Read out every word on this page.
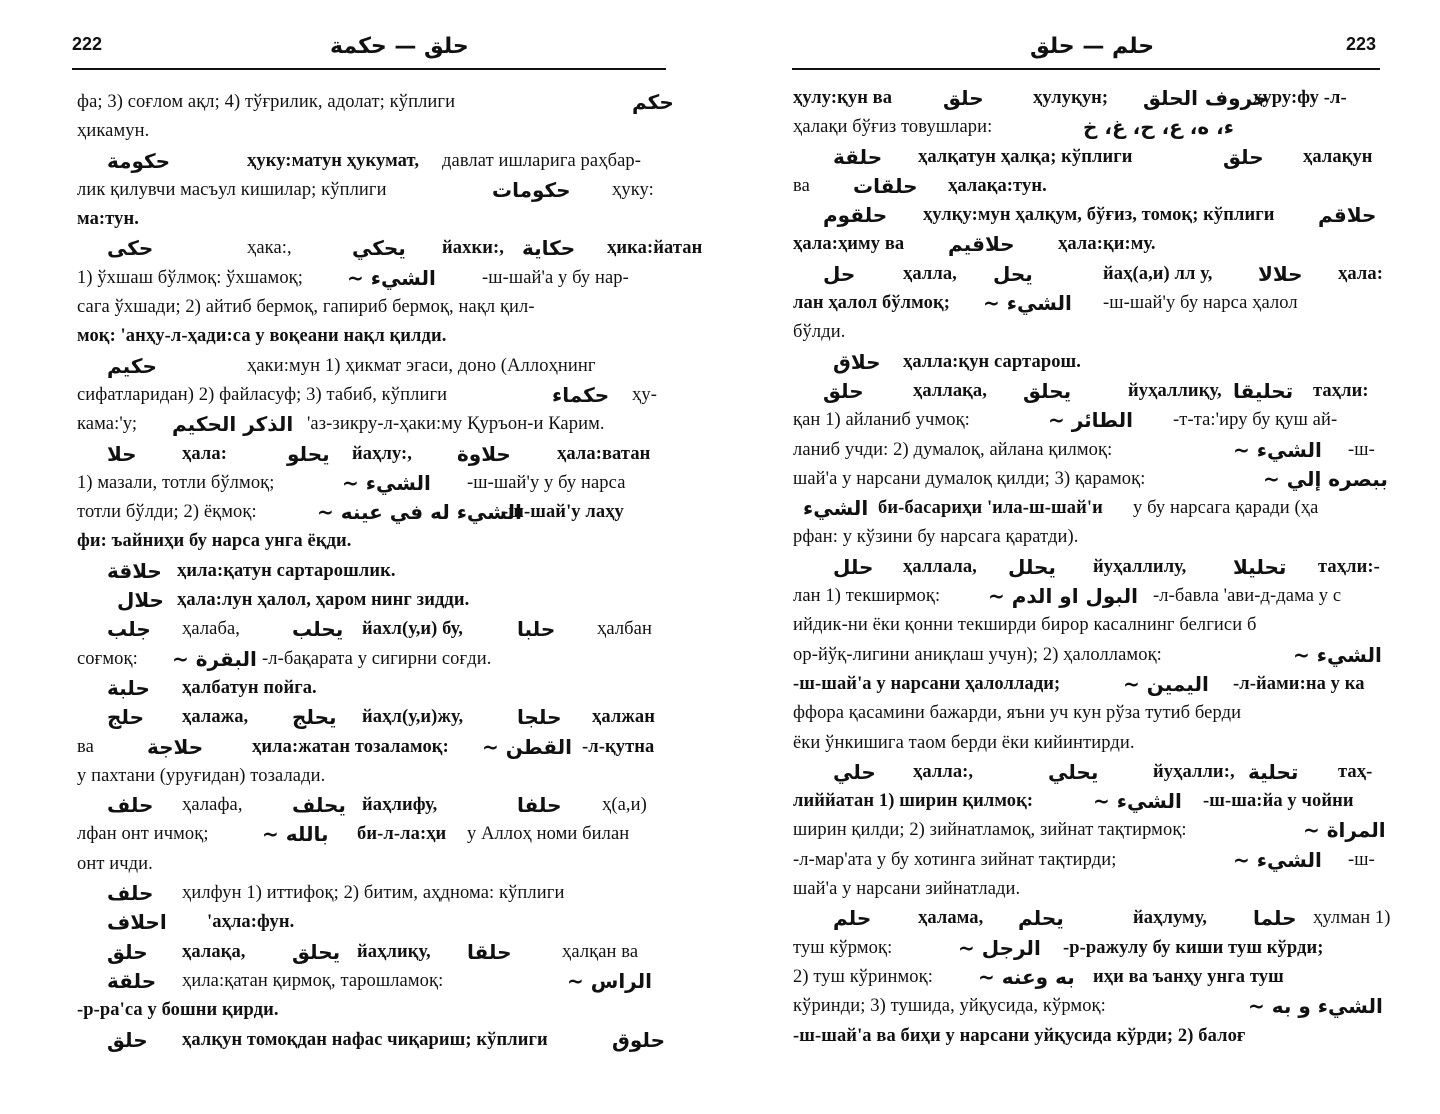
222	حلق — حكمة
фа; 3) соғлом ақл; 4) тўғрилик, адолат; кўплиги	حكم
ҳикамун.
حكومة	ҳуку:матун ҳукумат, давлат ишларига раҳбар-
лик қилувчи масъул кишилар; кўплиги	حكومات ҳуку:
ма:тун.
حكى	ҳака:,	يحكي йахки:, حكاية ҳика:йатан
1) ўхшаш бўлмоқ: ўхшамоқ; الشيء ~ -ш-шай'а у бу нар-
сага ўхшади; 2) айтиб бермоқ, гапириб бермоқ, нақл қил-
моқ: 'анҳу-л-ҳади:са у воқеани нақл қилди.
حكيم	ҳаки:мун 1) ҳикмат эгаси, доно (Аллоҳнинг
сифатларидан) 2) файласуф; 3) табиб, кўплиги	حكماء ҳу-
кама:'у; الذكر الحكيم 'аз-зикру-л-ҳаки:му Қуръон-и Карим.
حلا ҳала:	يحلو йаҳлу:, حلاوة ҳала:ватан
1) мазали, тотли бўлмоқ;	الشيء ~ -ш-шай'у у бу нарса
тотли бўлди; 2) ёқмоқ:	الشيء له في عينه ~
-ш-шай'у лаҳу
фи: ъайниҳи бу нарса унга ёқди.
حلاقة ҳила:қатун сартарошлик.
حلال ҳала:лун ҳалол, ҳаром нинг зидди.
جلب ҳалаба,	يحلب йахл(у,и) бу,	حلبا ҳалбан
соғмоқ: البقرة ~ -л-бақарата у сигирни соғди.
حلبة ҳалбатун пойга.
حلج ҳалажа, يحلج йаҳл(у,и)жу,	حلجا ҳалжан
ва	حلاجة	ҳила:жатан тозаламоқ: القطن ~ -л-қутна
у пахтани (уруғидан) тозалади.
حلف ҳалафа, يحلف йаҳлифу,	حلفا ҳ(а,и)
лфан онт ичмоқ;	بالله ~ би-л-ла:ҳи у Аллоҳ номи билан
онт ичди.
حلف ҳилфун 1) иттифоқ; 2) битим, аҳднома: кўплиги
احلاف 'аҳла:фун.
حلق ҳалақа, يحلق йаҳлиқу, حلقا	ҳалқан ва
حلقة ҳила:қатан қирмоқ, тарошламоқ:	الراس ~
-р-ра'са у бошни қирди.
حلق ҳалқун томоқдан нафас чиқариш; кўплиги	حلوق
حلم — حلق	223
ҳулу:қун ва	حلق	ҳулуқун; حروف الحلق
ҳуру:фу -л-
ҳалақи бўғиз товушлари:	ء، ه، ع، ح، غ، خ
حلقة ҳалқатун ҳалқа; кўплиги	حلق ҳалақун
ва حلقات ҳалақа:тун.
حلقوم ҳулқу:мун ҳалқум, бўғиз, томоқ; кўплиги حلاقم
ҳала:ҳиму ва حلاقيم ҳала:қи:му.
حل	ҳалла, يحل	йаҳ(а,и) лл у, حلالا ҳала:
лан ҳалол бўлмоқ; الشيء ~ -ш-шай'у бу нарса ҳалол
бўлди.
حلاق ҳалла:қун сартарош.
حلق	ҳаллақа, يحلق	йуҳаллиқу, تحليقا таҳли:
қан 1) айланиб учмоқ:	الطائر ~ -т-та:'иру бу қуш ай-
ланиб учди: 2) думалоқ, айлана қилмоқ:	الشيء ~ -ш-
шай'а у нарсани думалоқ қилди; 3) қарамоқ:	ببصره إلي ~
الشيء би-басариҳи 'ила-ш-шай'и у бу нарсага қаради (ҳа
рфан: у кўзини бу нарсага қаратди).
حلل ҳаллала, يحلل йуҳаллилу, تحليلا таҳли:-
лан 1) текширмоқ: البول او الدم ~ -л-бавла 'ави-д-дама у с
ийдик-ни ёки қонни текширди бирор касалнинг белгиси б
ор-йўқ-лигини аниқлаш учун); 2) ҳалолламоқ:	الشيء ~
-ш-шай'а у нарсани ҳалоллади;	اليمين ~ -л-йами:на у ка
ффора қасамини бажарди, яъни уч кун рўза тутиб берди
ёки ўнкишига таом берди ёки кийинтирди.
حلي ҳалла:,	يحلي	йуҳалли:, تحلية таҳ-
лиййатан 1) ширин қилмоқ:	الشيء ~ -ш-ша:йа у чойни
ширин қилди; 2) зийнатламоқ, зийнат тақтирмоқ:	المراة ~
-л-мар'ата у бу хотинга зийнат тақтирди;	الشيء ~ -ш-
шай'а у нарсани зийнатлади.
حلم	ҳалама, يحلم	йаҳлуму, حلما ҳулман 1)
туш кўрмоқ:	الرجل ~ -р-ражулу бу киши туш кўрди;
2) туш кўринмоқ: به وعنه ~ иҳи ва ъанҳу унга туш
кўринди; 3) тушида, уйқусида, кўрмоқ:	الشيء و به ~
-ш-шай'а ва биҳи у нарсани уйқусида кўрди; 2) балоғ
